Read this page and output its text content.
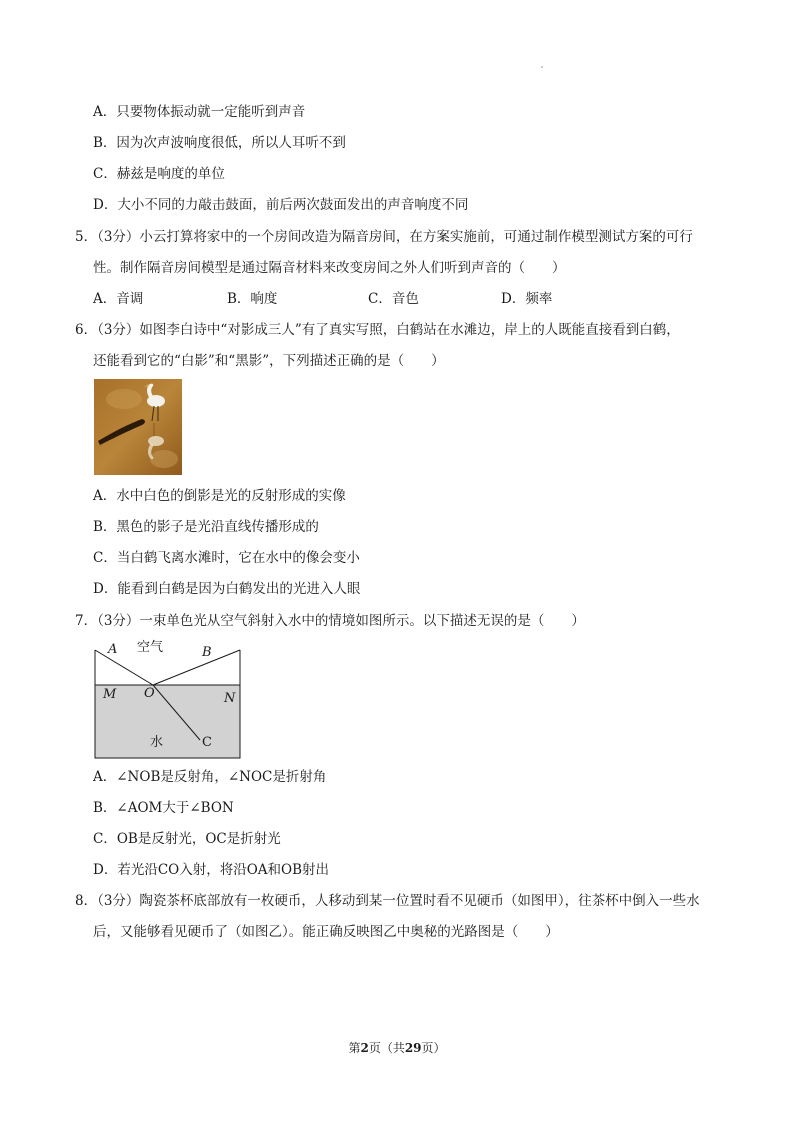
A．只要物体振动就一定能听到声音
B．因为次声波响度很低，所以人耳听不到
C．赫兹是响度的单位
D．大小不同的力敲击鼓面，前后两次鼓面发出的声音响度不同
5．（3分）小云打算将家中的一个房间改造为隔音房间，在方案实施前，可通过制作模型测试方案的可行
性。制作隔音房间模型是通过隔音材料来改变房间之外人们听到声音的（　　）
A．音调	B．响度	C．音色	D．频率
6．（3分）如图李白诗中“对影成三人”有了真实写照，白鹤站在水滩边，岸上的人既能直接看到白鹤，
还能看到它的“白影”和“黑影”，下列描述正确的是（　　）
A．水中白色的倒影是光的反射形成的实像
B．黑色的影子是光沿直线传播形成的
C．当白鹤飞离水滩时，它在水中的像会变小
D．能看到白鹤是因为白鹤发出的光进入人眼
7．（3分）一束单色光从空气斜射入水中的情境如图所示。以下描述无误的是（　　）
A 空气	B
M O	N
水	C
A．∠NOB是反射角，∠NOC是折射角
B．∠AOM大于∠BON
C．OB是反射光，OC是折射光
D．若光沿CO入射，将沿OA和OB射出
8．（3分）陶瓷茶杯底部放有一枚硬币，人移动到某一位置时看不见硬币（如图甲），往茶杯中倒入一些水
后，又能够看见硬币了（如图乙）。能正确反映图乙中奥秘的光路图是（　　）
第2页（共29页）
